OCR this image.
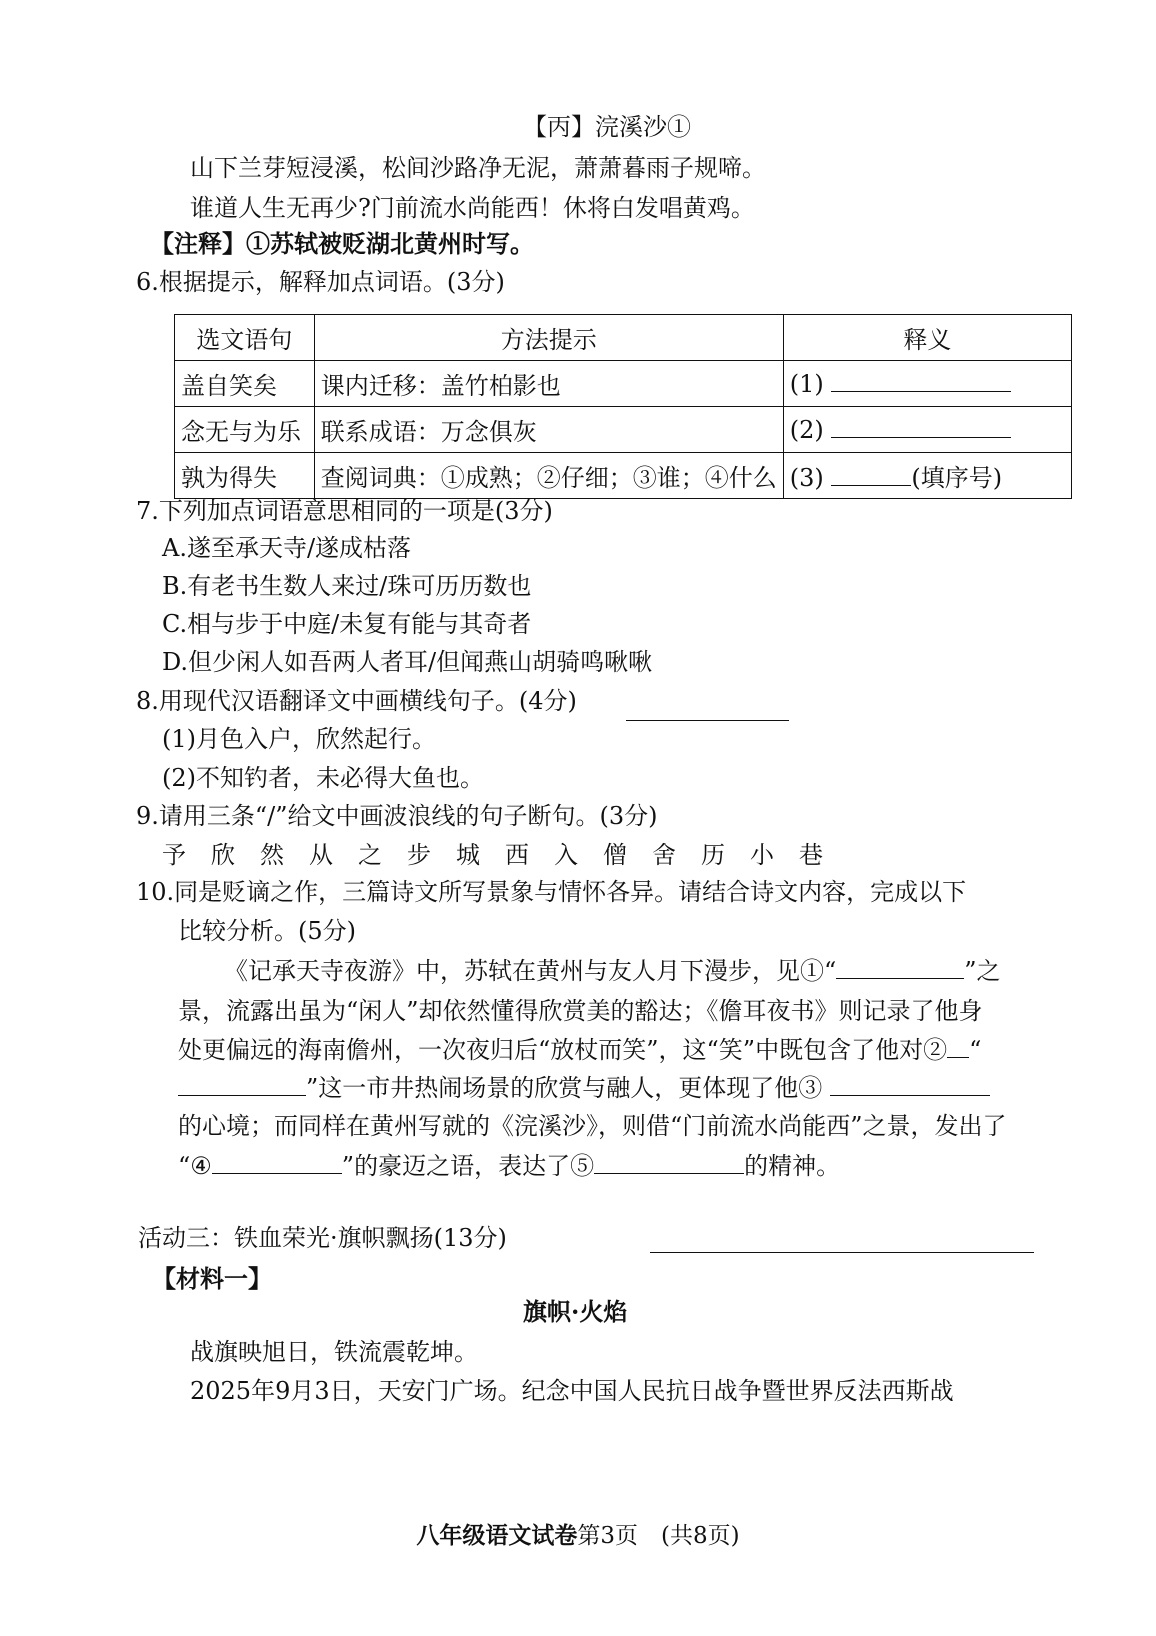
【丙】浣溪沙①
山下兰芽短浸溪，松间沙路净无泥，萧萧暮雨子规啼。
谁道人生无再少?门前流水尚能西！休将白发唱黄鸡。
【注释】①苏轼被贬湖北黄州时写。
6.根据提示，解释加点词语。(3分)
选文语句	方法提示	释义
盖自笑矣	课内迁移：盖竹柏影也	(1)
念无与为乐	联系成语：万念俱灰	(2)
孰为得失	查阅词典：①成熟；②仔细；③谁；④什么	(3) (填序号)
7.下列加点词语意思相同的一项是(3分)
A.遂至承天寺/遂成枯落
B.有老书生数人来过/珠可历历数也
C.相与步于中庭/未复有能与其奇者
D.但少闲人如吾两人者耳/但闻燕山胡骑鸣啾啾
8.用现代汉语翻译文中画横线句子。(4分)
(1)月色入户，欣然起行。
(2)不知钓者，未必得大鱼也。
9.请用三条“/”给文中画波浪线的句子断句。(3分)
予欣然从之步城西入僧舍历小巷
10.同是贬谪之作，三篇诗文所写景象与情怀各异。请结合诗文内容，完成以下
比较分析。(5分)
《记承天寺夜游》中，苏轼在黄州与友人月下漫步，见①“	”之
景，流露出虽为“闲人”却依然懂得欣赏美的豁达；《儋耳夜书》则记录了他身
处更偏远的海南儋州，一次夜归后“放杖而笑”，这“笑”中既包含了他对② “
”这一市井热闹场景的欣赏与融人，更体现了他③
的心境；而同样在黄州写就的《浣溪沙》，则借“门前流水尚能西”之景，发出了
“④	”的豪迈之语，表达了⑤	的精神。
活动三：铁血荣光·旗帜飘扬(13分)
【材料一】
旗帜·火焰
战旗映旭日，铁流震乾坤。
2025年9月3日，天安门广场。纪念中国人民抗日战争暨世界反法西斯战
八年级语文试卷第3页　(共8页)
